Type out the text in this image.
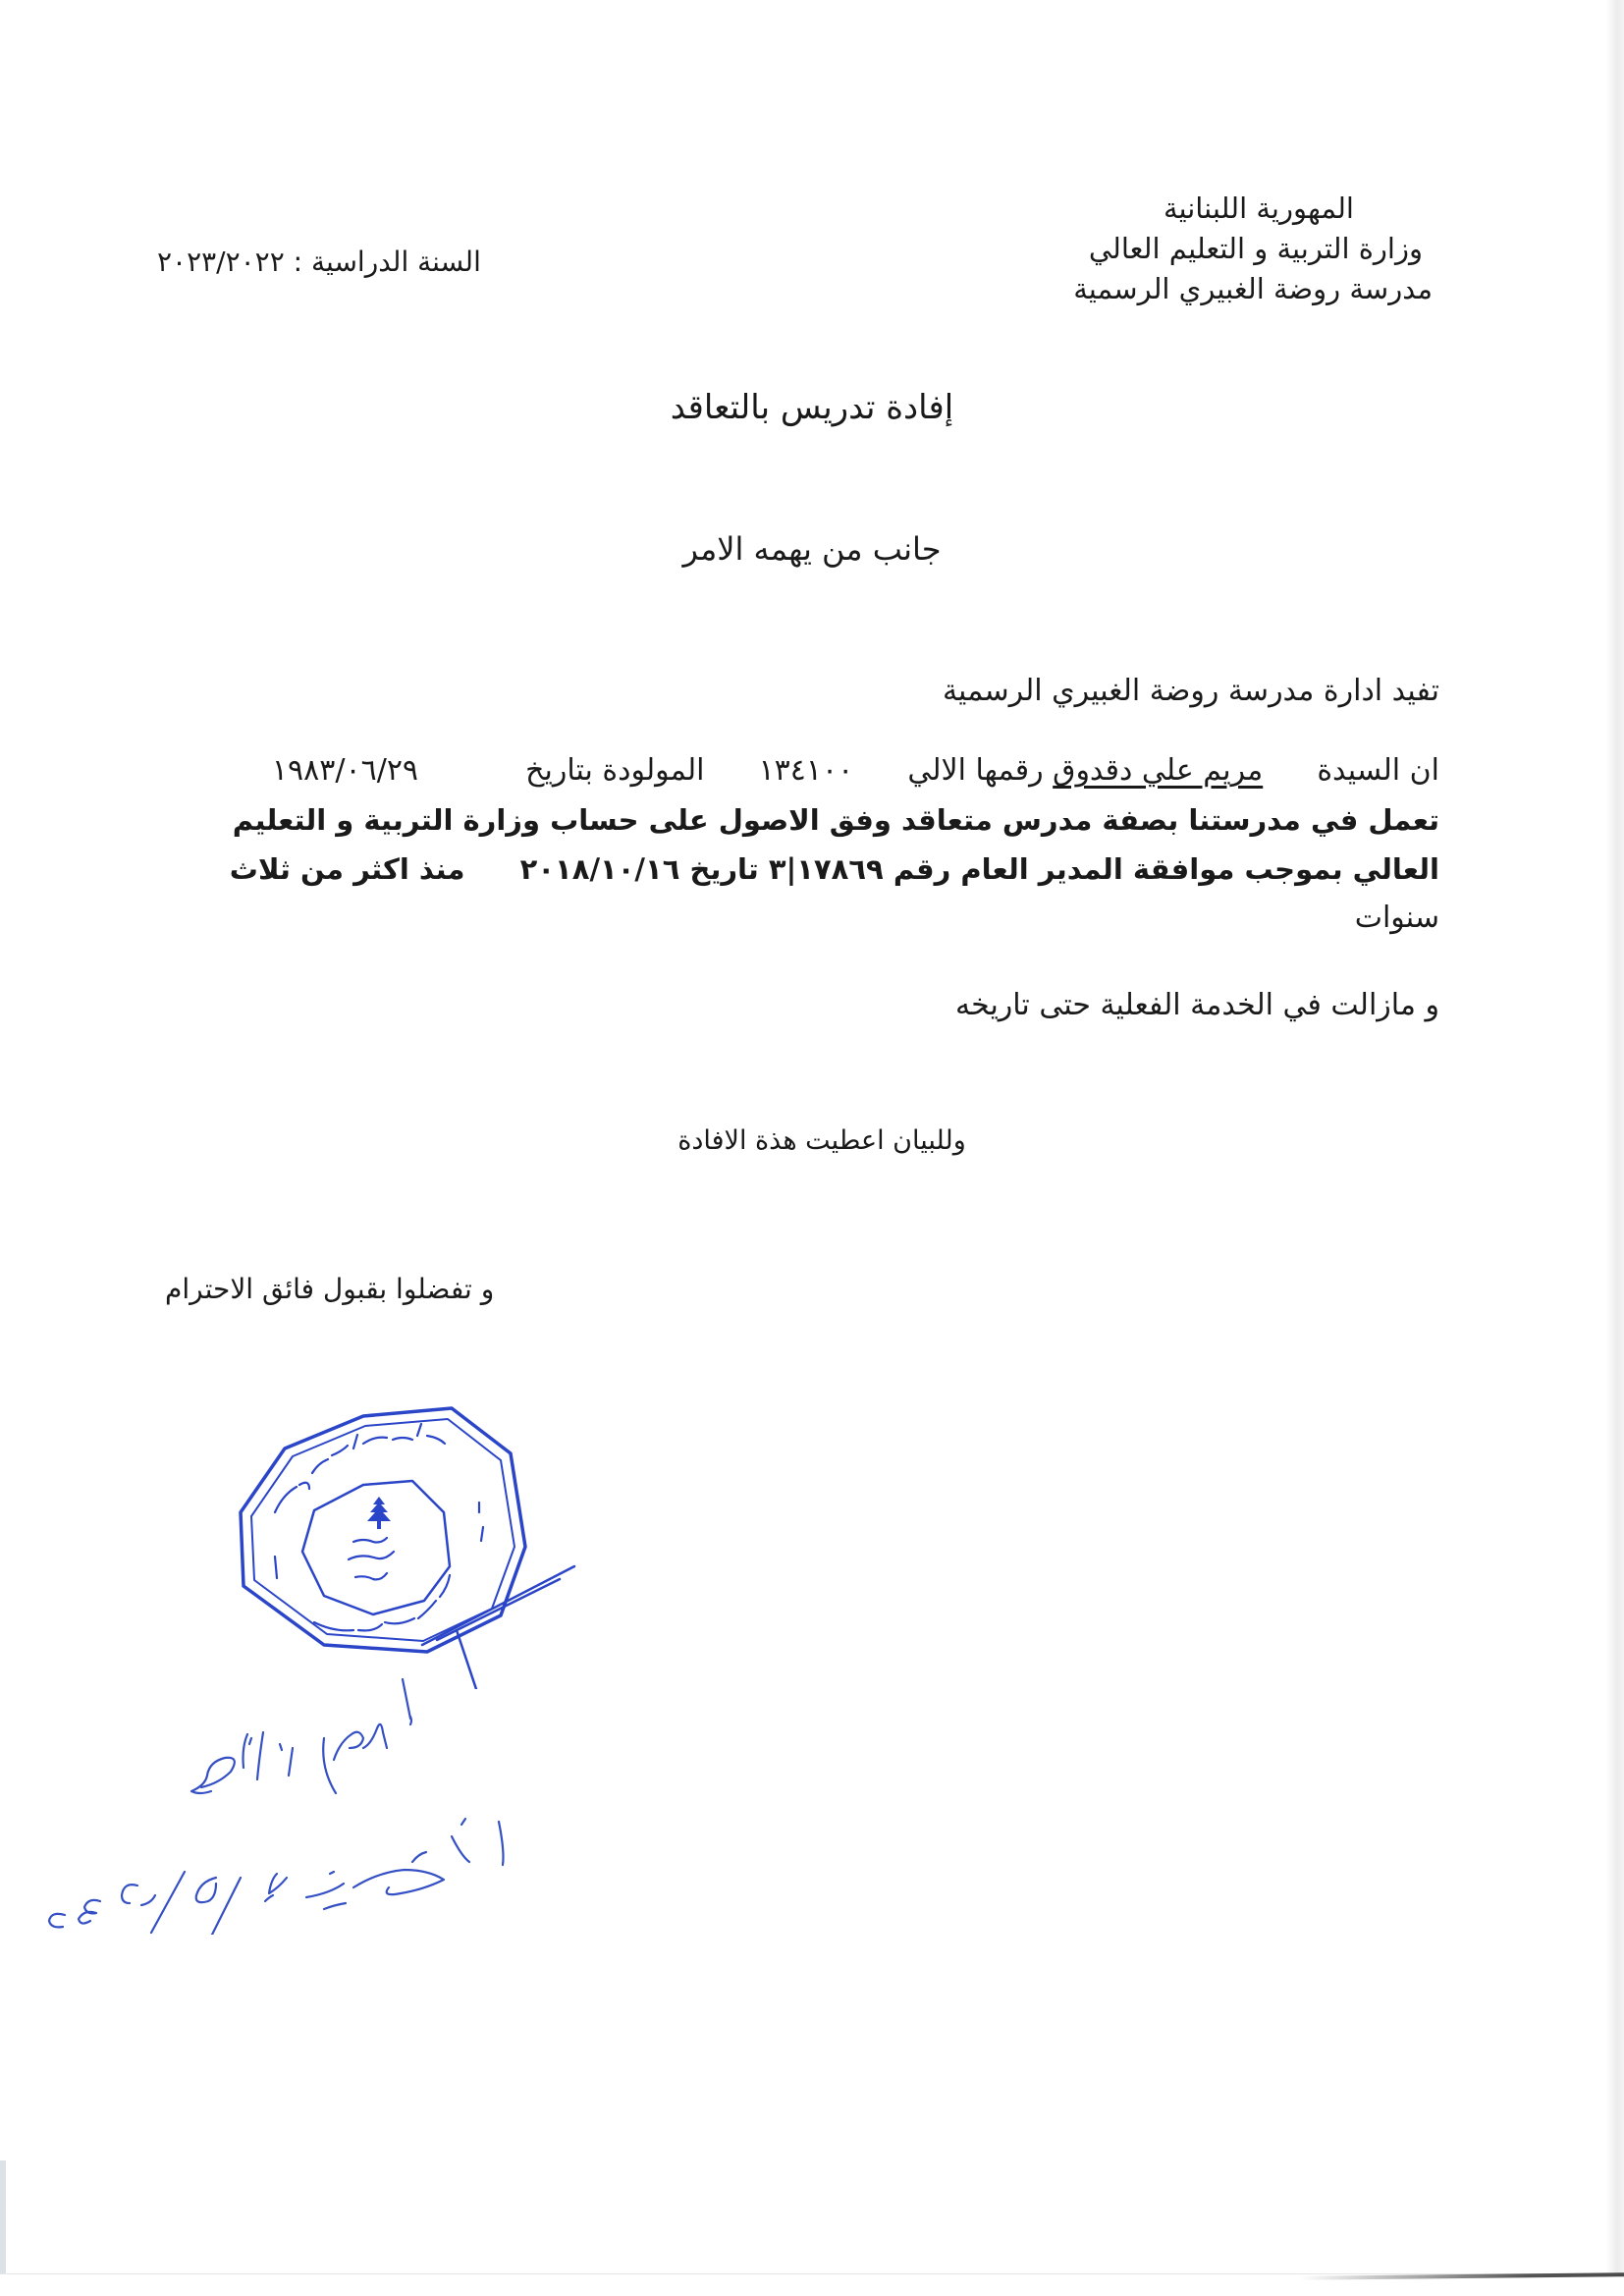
المهورية اللبنانية
وزارة التربية و التعليم العالي
مدرسة روضة الغبيري الرسمية
السنة الدراسية : ٢٠٢٣/٢٠٢٢
إفادة تدريس بالتعاقد
جانب من يهمه الامر
تفيد ادارة مدرسة روضة الغبيري الرسمية
ان السيدة  مريم علي دقدوق رقمها الالي  ١٣٤١٠٠  المولودة بتاريخ  ١٩٨٣/٠٦/٢٩
تعمل في مدرستنا بصفة مدرس متعاقد وفق الاصول على حساب وزارة التربية و التعليم
العالي بموجب موافقة المدير العام رقم ١٧٨٦٩|٣ تاريخ ٢٠١٨/١٠/١٦  منذ اكثر من ثلاث
سنوات
و مازالت في الخدمة الفعلية حتى تاريخه
وللبيان اعطيت هذة الافادة
و تفضلوا بقبول فائق الاحترام
